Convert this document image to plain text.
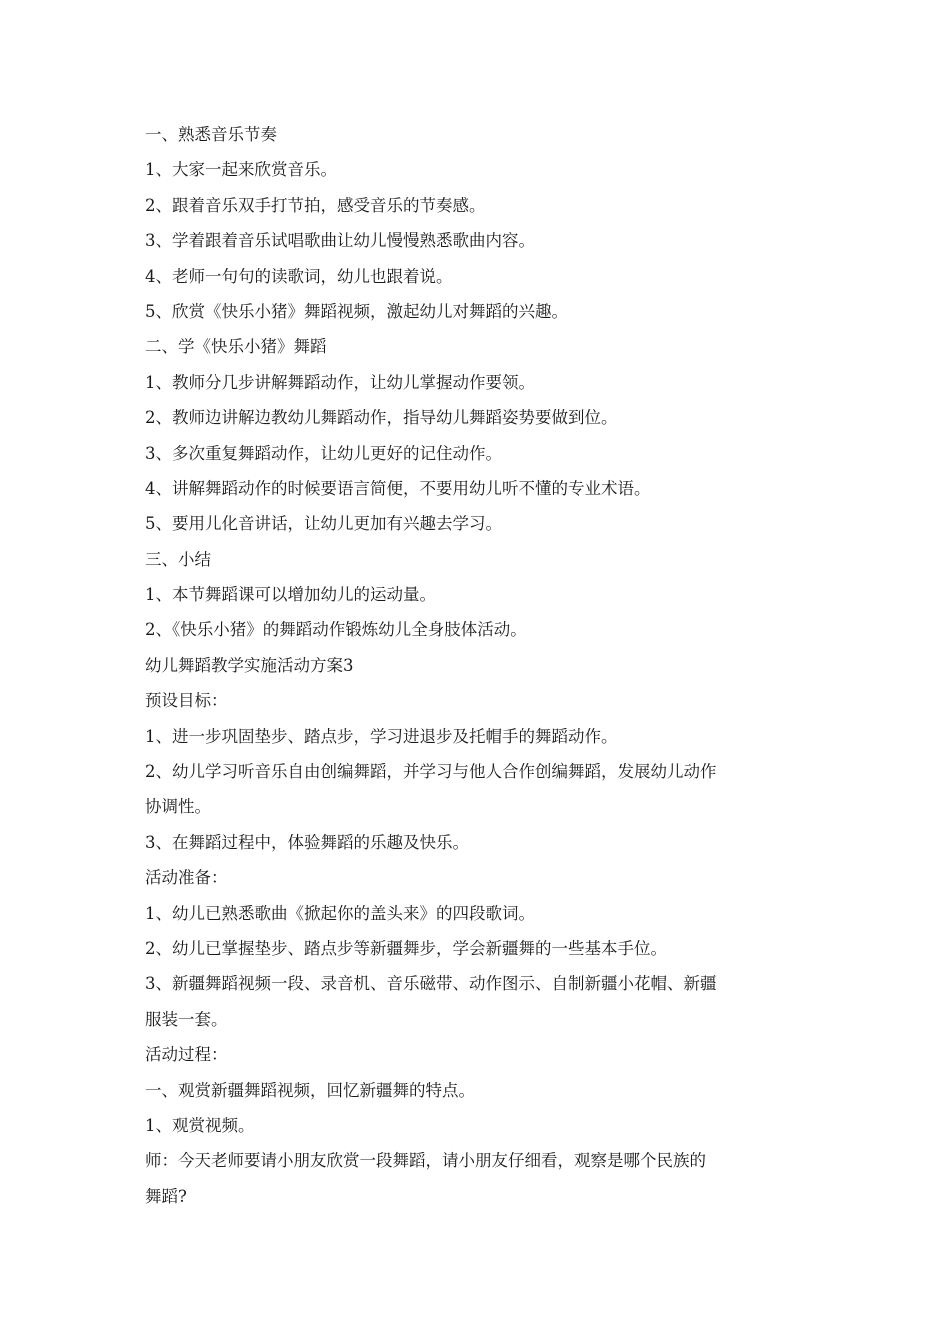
一、熟悉音乐节奏
1、大家一起来欣赏音乐。
2、跟着音乐双手打节拍，感受音乐的节奏感。
3、学着跟着音乐试唱歌曲让幼儿慢慢熟悉歌曲内容。
4、老师一句句的读歌词，幼儿也跟着说。
5、欣赏《快乐小猪》舞蹈视频，激起幼儿对舞蹈的兴趣。
二、学《快乐小猪》舞蹈
1、教师分几步讲解舞蹈动作，让幼儿掌握动作要领。
2、教师边讲解边教幼儿舞蹈动作，指导幼儿舞蹈姿势要做到位。
3、多次重复舞蹈动作，让幼儿更好的记住动作。
4、讲解舞蹈动作的时候要语言简便，不要用幼儿听不懂的专业术语。
5、要用儿化音讲话，让幼儿更加有兴趣去学习。
三、小结
1、本节舞蹈课可以增加幼儿的运动量。
2、《快乐小猪》的舞蹈动作锻炼幼儿全身肢体活动。
幼儿舞蹈教学实施活动方案3
预设目标：
1、进一步巩固垫步、踏点步，学习进退步及托帽手的舞蹈动作。
2、幼儿学习听音乐自由创编舞蹈，并学习与他人合作创编舞蹈，发展幼儿动作
协调性。
3、在舞蹈过程中，体验舞蹈的乐趣及快乐。
活动准备：
1、幼儿已熟悉歌曲《掀起你的盖头来》的四段歌词。
2、幼儿已掌握垫步、踏点步等新疆舞步，学会新疆舞的一些基本手位。
3、新疆舞蹈视频一段、录音机、音乐磁带、动作图示、自制新疆小花帽、新疆
服装一套。
活动过程：
一、观赏新疆舞蹈视频，回忆新疆舞的特点。
1、观赏视频。
师：今天老师要请小朋友欣赏一段舞蹈，请小朋友仔细看，观察是哪个民族的
舞蹈?
